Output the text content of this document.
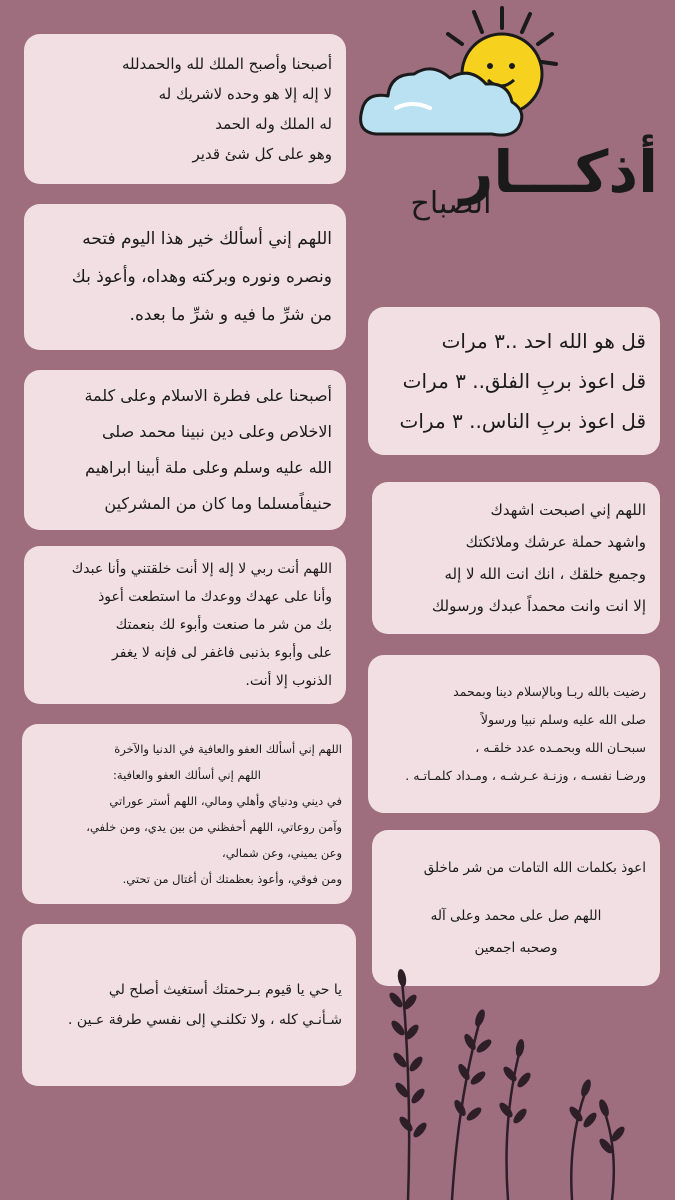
أذكـــار

الصباح

أصبحنا وأصبح الملك لله والحمدلله

لا إله إلا هو وحده لاشريك له

له الملك وله الحمد

وهو على كل شئ قدير

اللهم إني أسألك خير هذا اليوم فتحه

ونصره ونوره وبركته وهداه، وأعوذ بك

من شرِّ ما فيه و شرِّ ما بعده.

قل هو الله احد ..٣ مرات

قل اعوذ بربِ الفلق.. ٣ مرات

قل اعوذ بربِ الناس.. ٣ مرات

أصبحنا على فطرة الاسلام وعلى كلمة

الاخلاص وعلى دين نبينا محمد صلى

الله عليه وسلم وعلى ملة أبينا ابراهيم

حنيفاًمسلما وما كان من المشركين	اللهم إني اصبحت اشهدك

واشهد حملة عرشك وملائكتك

وجميع خلقك ، انك انت الله لا إله

إلا انت وانت محمداً عبدك ورسولك

اللهم أنت ربي لا إله إلا أنت خلقتني وأنا عبدك

وأنا على عهدك ووعدك ما استطعت أعوذ

بك من شر ما صنعت وأبوء لك بنعمتك

على وأبوء بذنبى فاغفر لى فإنه لا يغفر

الذنوب إلا أنت.

رضيت بالله ربـا وبالإسلام دينا وبمحمد

صلى الله عليه وسلم نبيا ورسولاً

سبحـان الله وبحمـده عدد خلقـه ،

ورضـا نفسـه ، وزنـة عـرشـه ، ومـداد كلمـاتـه .

اللهم إني أسألك العفو والعافية في الدنيا والآخرة

اللهم إني أسألك العفو والعافية:

في ديني ودنياي وأهلي ومالي، اللهم أستر عوراتي

وآمن روعاتي، اللهم أحفظني من بين يدي، ومن خلفي،

وعن يميني، وعن شمالي،

ومن فوقي، وأعوذ بعظمتك أن أغتال من تحتي.

اعوذ بكلمات الله التامات من شر ماخلق

اللهم صل على محمد وعلى آله

وصحبه اجمعين

يا حي يا قيوم بـرحمتك أستغيث أصلح لي

شـأنـي كله ، ولا تكلنـي إلى نفسي طرفة عـين .
